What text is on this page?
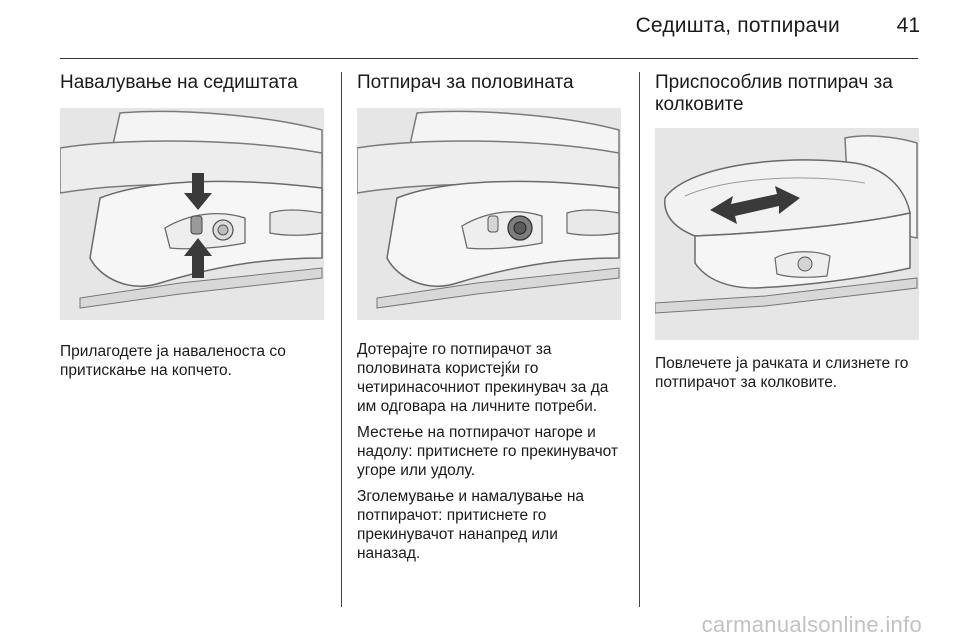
Седишта, потпирачи	41
Навалување на седиштата

Прилагодете ја наваленоста со притискање на копчето.

Потпирач за половината

Дотерајте го потпирачот за половината користејќи го четиринасочниот прекинувач за да им одговара на личните потреби.

Местење на потпирачот нагоре и надолу: притиснете го прекинувачот угоре или удолу.

Зголемување и намалување на потпирачот: притиснете го прекинувачот нанапред или наназад.

Приспособлив потпирач за колковите

Повлечете ја рачката и слизнете го потпирачот за колковите.

carmanualsonline.info
